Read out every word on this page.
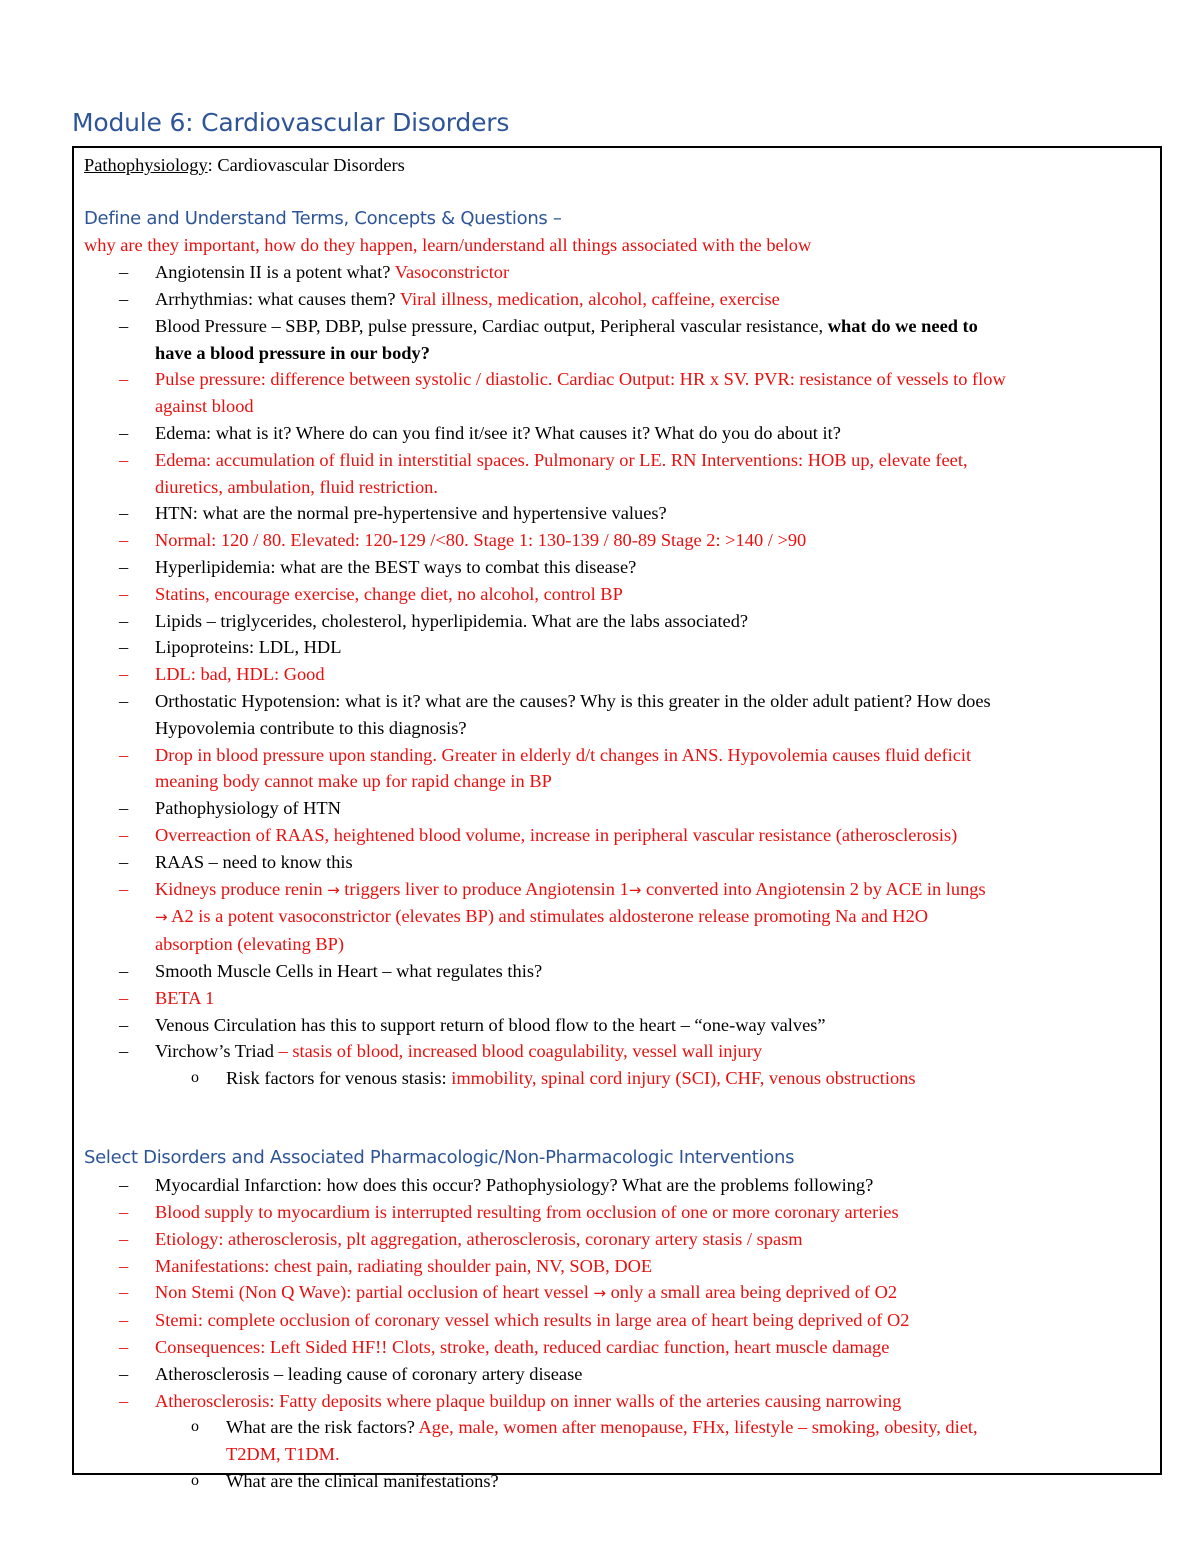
Module 6: Cardiovascular Disorders
Pathophysiology: Cardiovascular Disorders
Define and Understand Terms, Concepts & Questions –
why are they important, how do they happen, learn/understand all things associated with the below
– Angiotensin II is a potent what? Vasoconstrictor
– Arrhythmias: what causes them? Viral illness, medication, alcohol, caffeine, exercise
– Blood Pressure – SBP, DBP, pulse pressure, Cardiac output, Peripheral vascular resistance, what do we need to
have a blood pressure in our body?
– Pulse pressure: difference between systolic / diastolic. Cardiac Output: HR x SV. PVR: resistance of vessels to flow
against blood
– Edema: what is it? Where do can you find it/see it? What causes it? What do you do about it?
– Edema: accumulation of fluid in interstitial spaces. Pulmonary or LE. RN Interventions: HOB up, elevate feet,
diuretics, ambulation, fluid restriction.
– HTN: what are the normal pre-hypertensive and hypertensive values?
– Normal: 120 / 80. Elevated: 120-129 /<80. Stage 1: 130-139 / 80-89 Stage 2: >140 / >90
– Hyperlipidemia: what are the BEST ways to combat this disease?
– Statins, encourage exercise, change diet, no alcohol, control BP
– Lipids – triglycerides, cholesterol, hyperlipidemia. What are the labs associated?
– Lipoproteins: LDL, HDL
– LDL: bad, HDL: Good
– Orthostatic Hypotension: what is it? what are the causes? Why is this greater in the older adult patient? How does
Hypovolemia contribute to this diagnosis?
– Drop in blood pressure upon standing. Greater in elderly d/t changes in ANS. Hypovolemia causes fluid deficit
meaning body cannot make up for rapid change in BP
– Pathophysiology of HTN
– Overreaction of RAAS, heightened blood volume, increase in peripheral vascular resistance (atherosclerosis)
– RAAS – need to know this
– Kidneys produce renin → triggers liver to produce Angiotensin 1→ converted into Angiotensin 2 by ACE in lungs
→ A2 is a potent vasoconstrictor (elevates BP) and stimulates aldosterone release promoting Na and H2O
absorption (elevating BP)
– Smooth Muscle Cells in Heart – what regulates this?
– BETA 1
– Venous Circulation has this to support return of blood flow to the heart – “one-way valves”
– Virchow’s Triad – stasis of blood, increased blood coagulability, vessel wall injury
o Risk factors for venous stasis: immobility, spinal cord injury (SCI), CHF, venous obstructions
Select Disorders and Associated Pharmacologic/Non-Pharmacologic Interventions
– Myocardial Infarction: how does this occur? Pathophysiology? What are the problems following?
– Blood supply to myocardium is interrupted resulting from occlusion of one or more coronary arteries
– Etiology: atherosclerosis, plt aggregation, atherosclerosis, coronary artery stasis / spasm
– Manifestations: chest pain, radiating shoulder pain, NV, SOB, DOE
– Non Stemi (Non Q Wave): partial occlusion of heart vessel → only a small area being deprived of O2
– Stemi: complete occlusion of coronary vessel which results in large area of heart being deprived of O2
– Consequences: Left Sided HF!! Clots, stroke, death, reduced cardiac function, heart muscle damage
– Atherosclerosis – leading cause of coronary artery disease
– Atherosclerosis: Fatty deposits where plaque buildup on inner walls of the arteries causing narrowing
o What are the risk factors? Age, male, women after menopause, FHx, lifestyle – smoking, obesity, diet,
T2DM, T1DM.
o What are the clinical manifestations?
